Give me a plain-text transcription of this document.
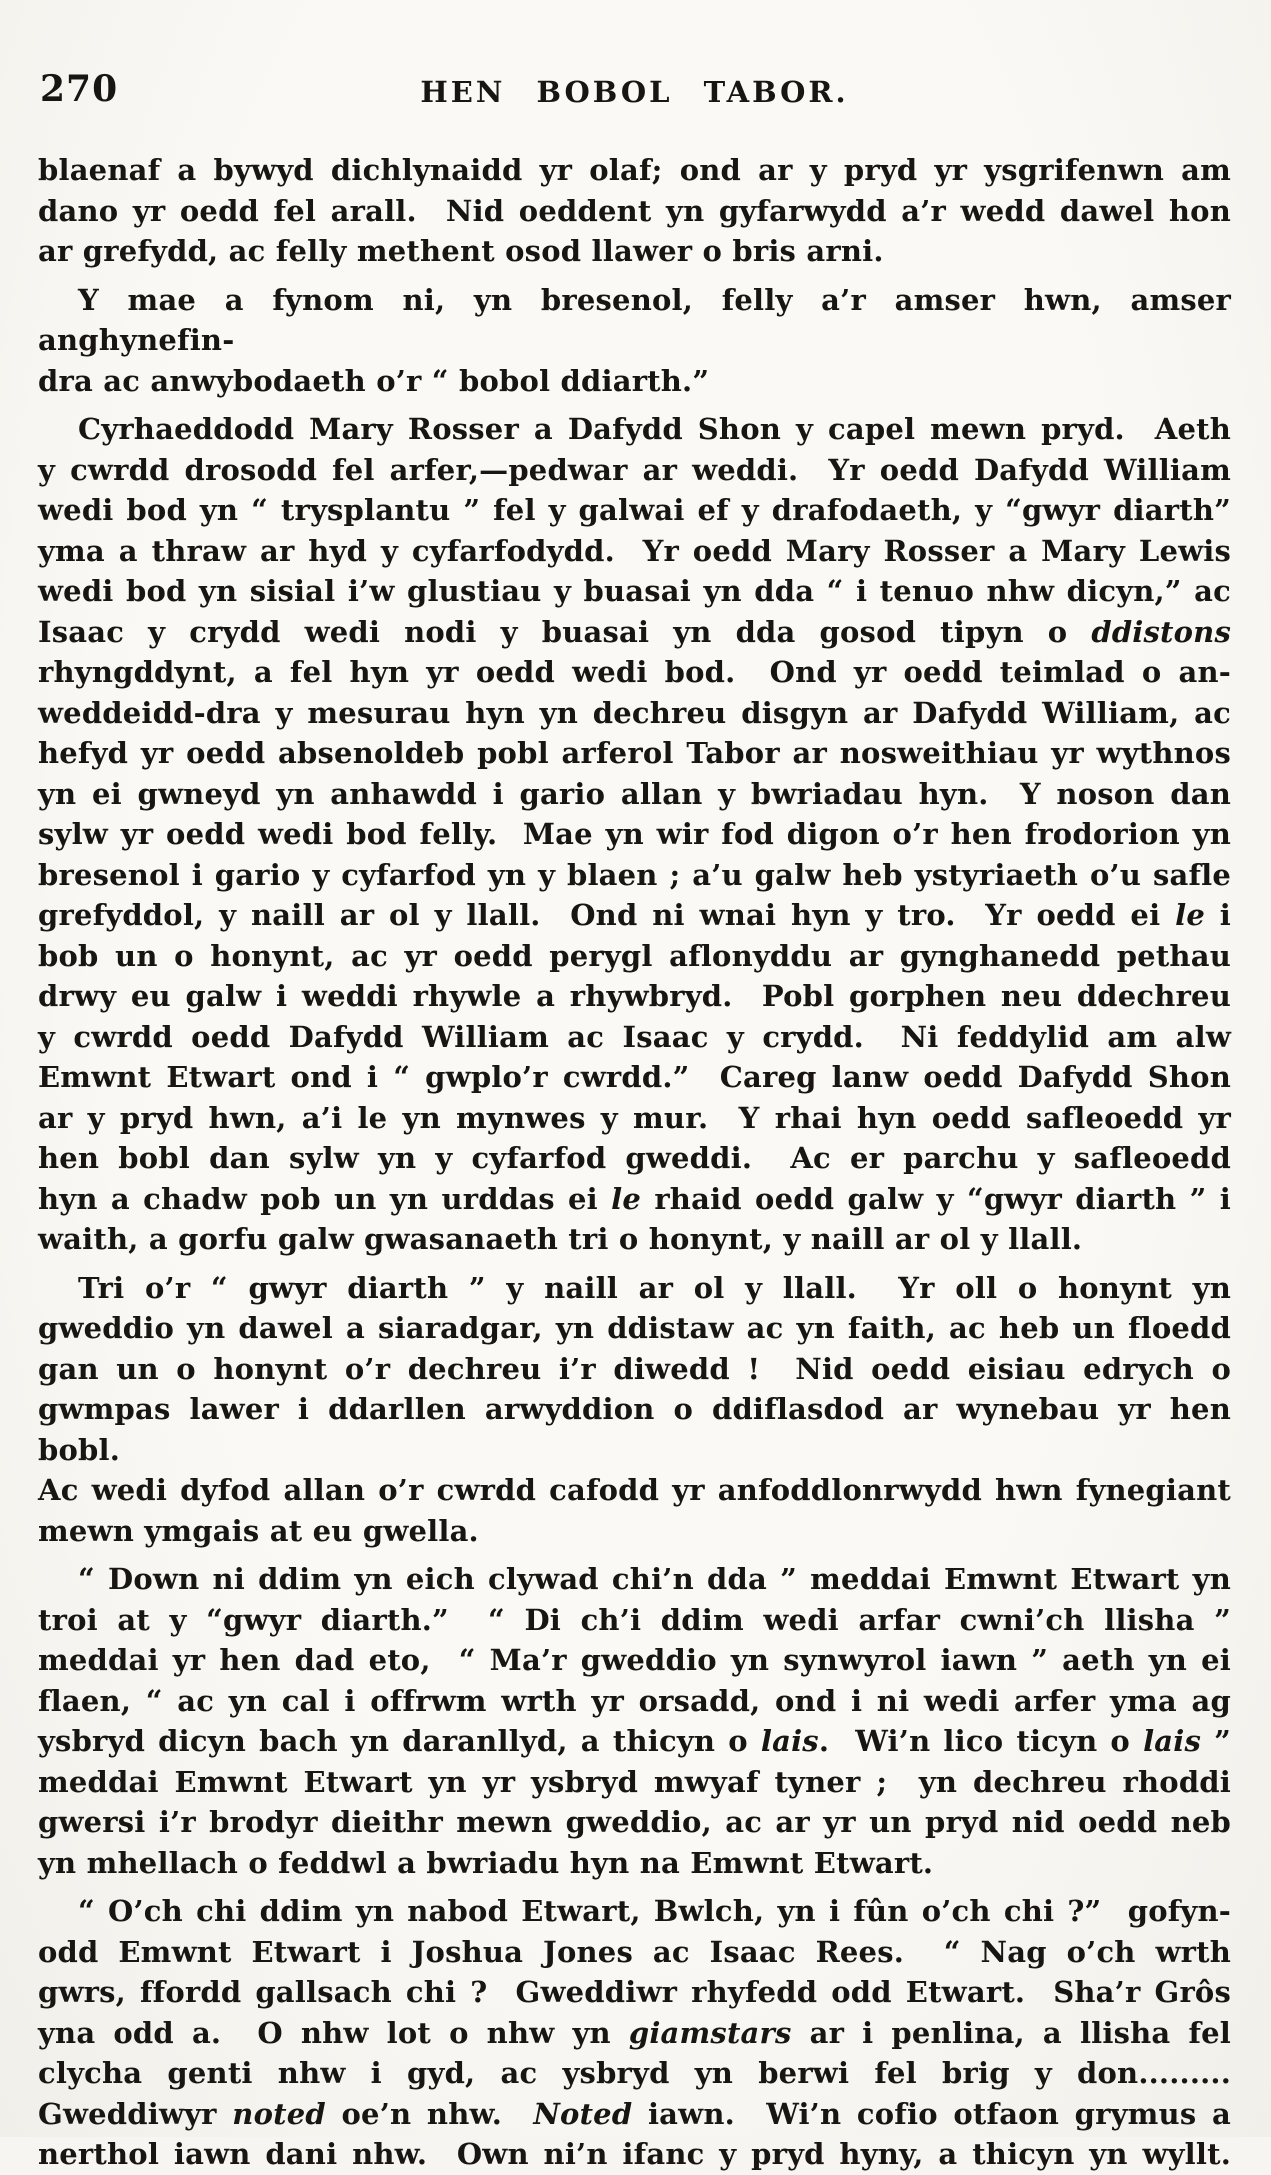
270	HEN BOBOL TABOR.
blaenaf a bywyd dichlynaidd yr olaf; ond ar y pryd yr ysgrifenwn am
dano yr oedd fel arall.  Nid oeddent yn gyfarwydd a’r wedd dawel hon
ar grefydd, ac felly methent osod llawer o bris arni.
Y mae a fynom ni, yn bresenol, felly a’r amser hwn, amser anghynefin-
dra ac anwybodaeth o’r “ bobol ddiarth.”
Cyrhaeddodd Mary Rosser a Dafydd Shon y capel mewn pryd.  Aeth
y cwrdd drosodd fel arfer,—pedwar ar weddi.  Yr oedd Dafydd William
wedi bod yn “ trysplantu ” fel y galwai ef y drafodaeth, y “gwyr diarth”
yma a thraw ar hyd y cyfarfodydd.  Yr oedd Mary Rosser a Mary Lewis
wedi bod yn sisial i’w glustiau y buasai yn dda “ i tenuo nhw dicyn,” ac
Isaac y crydd wedi nodi y buasai yn dda gosod tipyn o ddistons
rhyngddynt, a fel hyn yr oedd wedi bod.  Ond yr oedd teimlad o an-
weddeidd-dra y mesurau hyn yn dechreu disgyn ar Dafydd William, ac
hefyd yr oedd absenoldeb pobl arferol Tabor ar nosweithiau yr wythnos
yn ei gwneyd yn anhawdd i gario allan y bwriadau hyn.  Y noson dan
sylw yr oedd wedi bod felly.  Mae yn wir fod digon o’r hen frodorion yn
bresenol i gario y cyfarfod yn y blaen ; a’u galw heb ystyriaeth o’u safle
grefyddol, y naill ar ol y llall.  Ond ni wnai hyn y tro.  Yr oedd ei le i
bob un o honynt, ac yr oedd perygl aflonyddu ar gynghanedd pethau
drwy eu galw i weddi rhywle a rhywbryd.  Pobl gorphen neu ddechreu
y cwrdd oedd Dafydd William ac Isaac y crydd.  Ni feddylid am alw
Emwnt Etwart ond i “ gwplo’r cwrdd.”  Careg lanw oedd Dafydd Shon
ar y pryd hwn, a’i le yn mynwes y mur.  Y rhai hyn oedd safleoedd yr
hen bobl dan sylw yn y cyfarfod gweddi.  Ac er parchu y safleoedd
hyn a chadw pob un yn urddas ei le rhaid oedd galw y “gwyr diarth ” i
waith, a gorfu galw gwasanaeth tri o honynt, y naill ar ol y llall.
Tri o’r “ gwyr diarth ” y naill ar ol y llall.  Yr oll o honynt yn
gweddio yn dawel a siaradgar, yn ddistaw ac yn faith, ac heb un floedd
gan un o honynt o’r dechreu i’r diwedd !  Nid oedd eisiau edrych o
gwmpas lawer i ddarllen arwyddion o ddiflasdod ar wynebau yr hen bobl.
Ac wedi dyfod allan o’r cwrdd cafodd yr anfoddlonrwydd hwn fynegiant
mewn ymgais at eu gwella.
“ Down ni ddim yn eich clywad chi’n dda ” meddai Emwnt Etwart yn
troi at y “gwyr diarth.”  “ Di ch’i ddim wedi arfar cwni’ch llisha ”
meddai yr hen dad eto,  “ Ma’r gweddio yn synwyrol iawn ” aeth yn ei
flaen, “ ac yn cal i offrwm wrth yr orsadd, ond i ni wedi arfer yma ag
ysbryd dicyn bach yn daranllyd, a thicyn o lais.  Wi’n lico ticyn o lais ”
meddai Emwnt Etwart yn yr ysbryd mwyaf tyner ;  yn dechreu rhoddi
gwersi i’r brodyr dieithr mewn gweddio, ac ar yr un pryd nid oedd neb
yn mhellach o feddwl a bwriadu hyn na Emwnt Etwart.
“ O’ch chi ddim yn nabod Etwart, Bwlch, yn i fûn o’ch chi ?”  gofyn-
odd Emwnt Etwart i Joshua Jones ac Isaac Rees.  “ Nag o’ch wrth
gwrs, ffordd gallsach chi ?  Gweddiwr rhyfedd odd Etwart.  Sha’r Grôs
yna odd a.  O nhw lot o nhw yn giamstars ar i penlina, a llisha fel
clycha genti nhw i gyd, ac ysbryd yn berwi fel brig y don.........
Gweddiwyr noted oe’n nhw.  Noted iawn.  Wi’n cofio otfaon grymus a
nerthol iawn dani nhw.  Own ni’n ifanc y pryd hyny, a thicyn yn wyllt.
